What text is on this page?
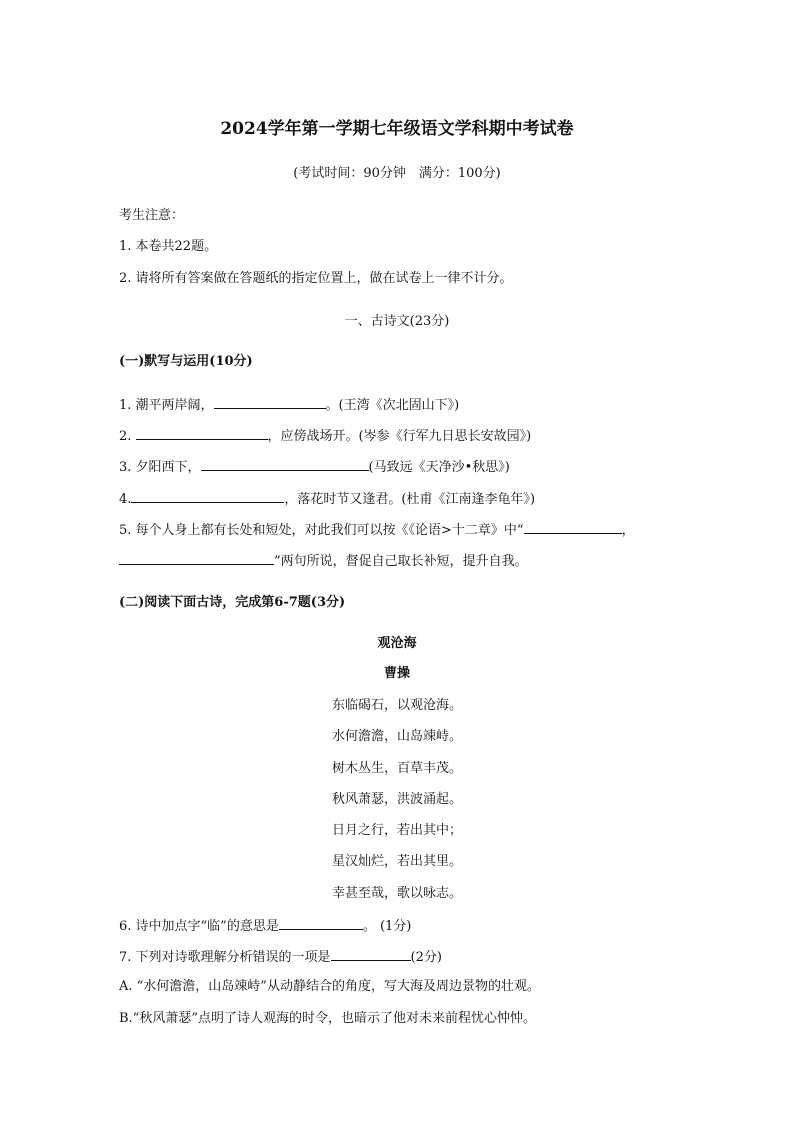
2024学年第一学期七年级语文学科期中考试卷
(考试时间：90分钟　满分：100分)
考生注意：
1. 本卷共22题。
2. 请将所有答案做在答题纸的指定位置上，做在试卷上一律不计分。
一、古诗文(23分)
(一)默写与运用(10分)
1. 潮平两岸阔，	。(王湾《次北固山下》)
2.	，应傍战场开。(岑参《行军九日思长安故园》)
3. 夕阳西下，	(马致远《天净沙•秋思》)
4.	，落花时节又逢君。(杜甫《江南逢李龟年》)
5. 每个人身上都有长处和短处，对此我们可以按《《论语>十二章》中“	，
”两句所说，督促自己取长补短，提升自我。
(二)阅读下面古诗，完成第6-7题(3分)
观沧海
曹操
东临碣石，以观沧海。
水何澹澹，山岛竦峙。
树木丛生，百草丰茂。
秋风萧瑟，洪波涌起。
日月之行，若出其中；
星汉灿烂，若出其里。
幸甚至哉，歌以咏志。
6. 诗中加点字“临”的意思是	。 (1分)
7. 下列对诗歌理解分析错误的一项是	(2分)
A. “水何澹澹，山岛竦峙”从动静结合的角度，写大海及周边景物的壮观。
B.“秋风萧瑟”点明了诗人观海的时令，也暗示了他对未来前程忧心忡忡。
